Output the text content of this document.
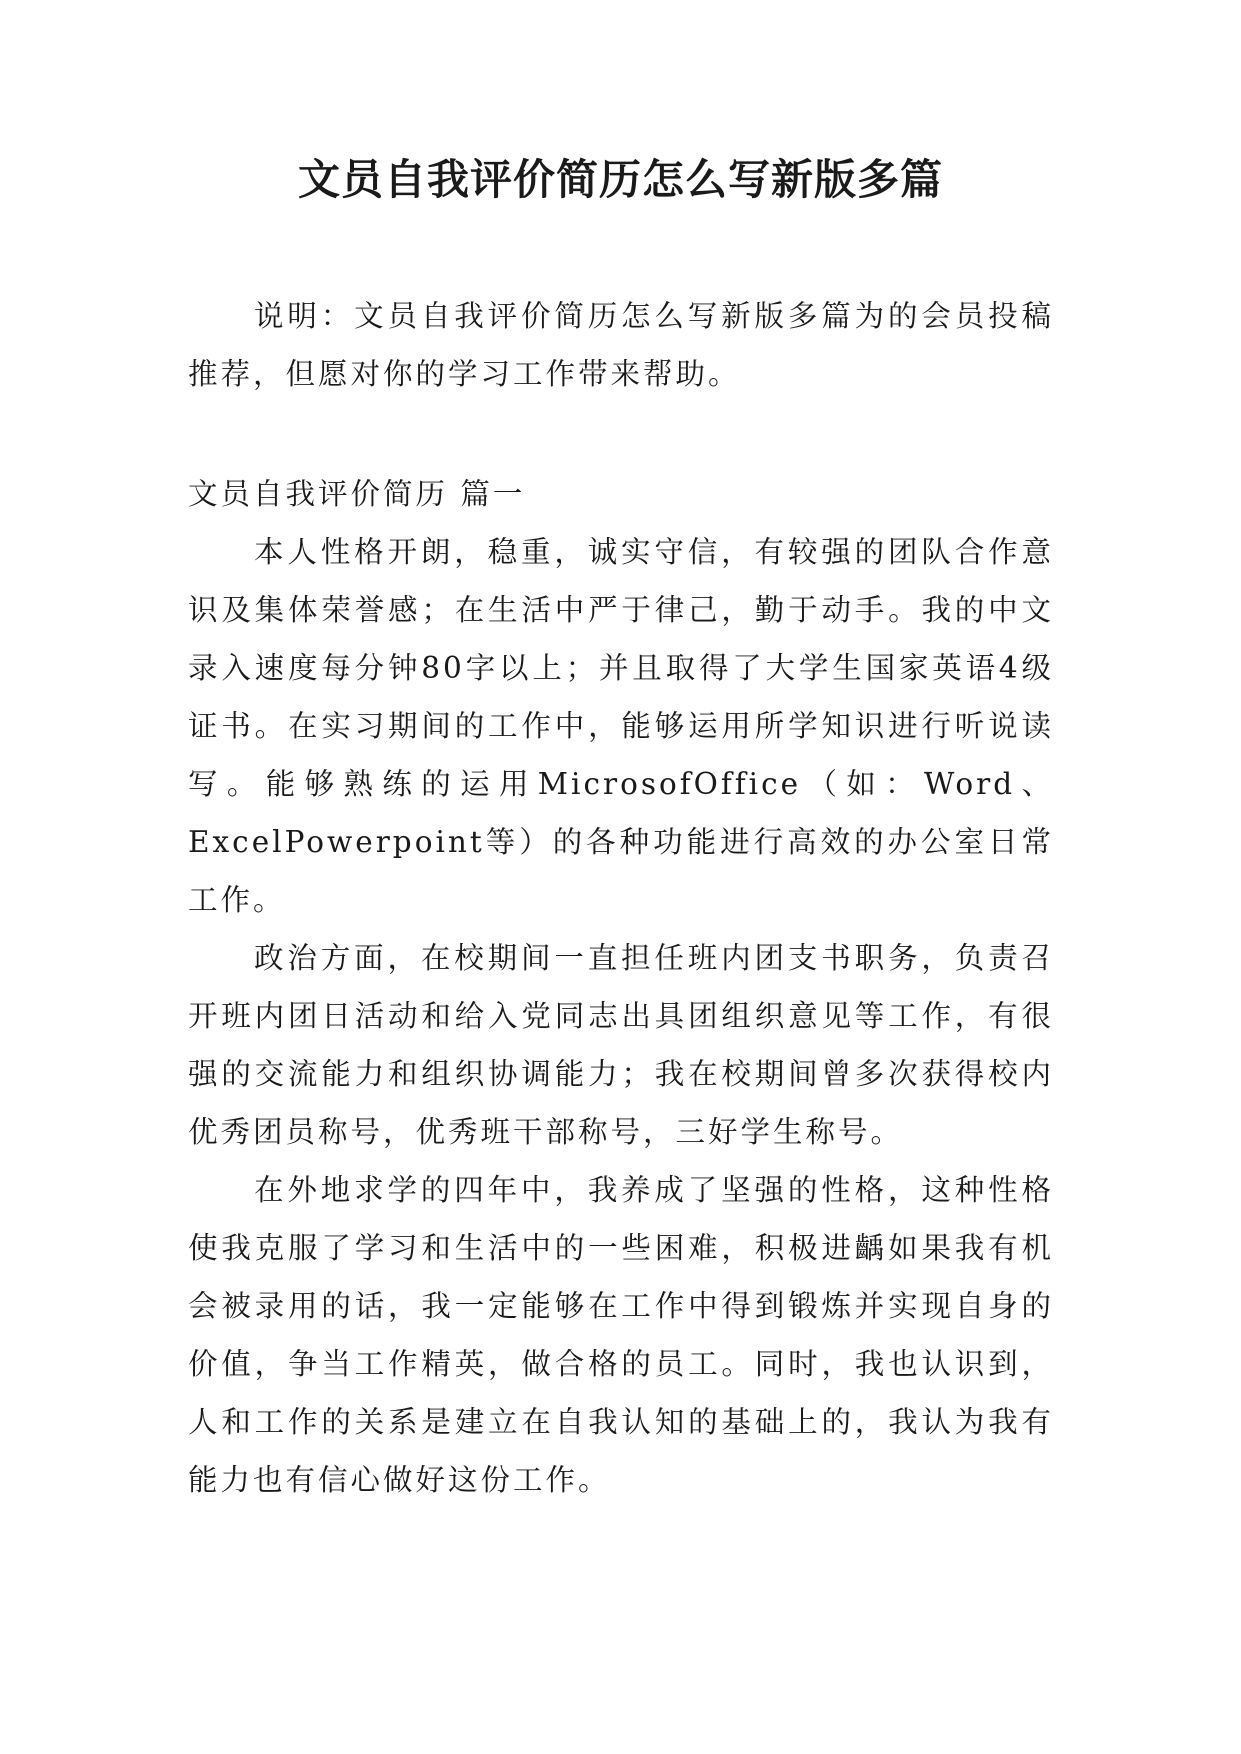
文员自我评价简历怎么写新版多篇

说明：文员自我评价简历怎么写新版多篇为的会员投稿推荐，但愿对你的学习工作带来帮助。

文员自我评价简历 篇一

本人性格开朗，稳重，诚实守信，有较强的团队合作意识及集体荣誉感；在生活中严于律己，勤于动手。我的中文录入速度每分钟80字以上；并且取得了大学生国家英语4级证书。在实习期间的工作中，能够运用所学知识进行听说读写。能够熟练的运用MicrosofOffice（如：Word、ExcelPowerpoint等）的各种功能进行高效的办公室日常工作。

政治方面，在校期间一直担任班内团支书职务，负责召开班内团日活动和给入党同志出具团组织意见等工作，有很强的交流能力和组织协调能力；我在校期间曾多次获得校内优秀团员称号，优秀班干部称号，三好学生称号。

在外地求学的四年中，我养成了坚强的性格，这种性格使我克服了学习和生活中的一些困难，积极进齲如果我有机会被录用的话，我一定能够在工作中得到锻炼并实现自身的价值，争当工作精英，做合格的员工。同时，我也认识到，人和工作的关系是建立在自我认知的基础上的，我认为我有能力也有信心做好这份工作。
